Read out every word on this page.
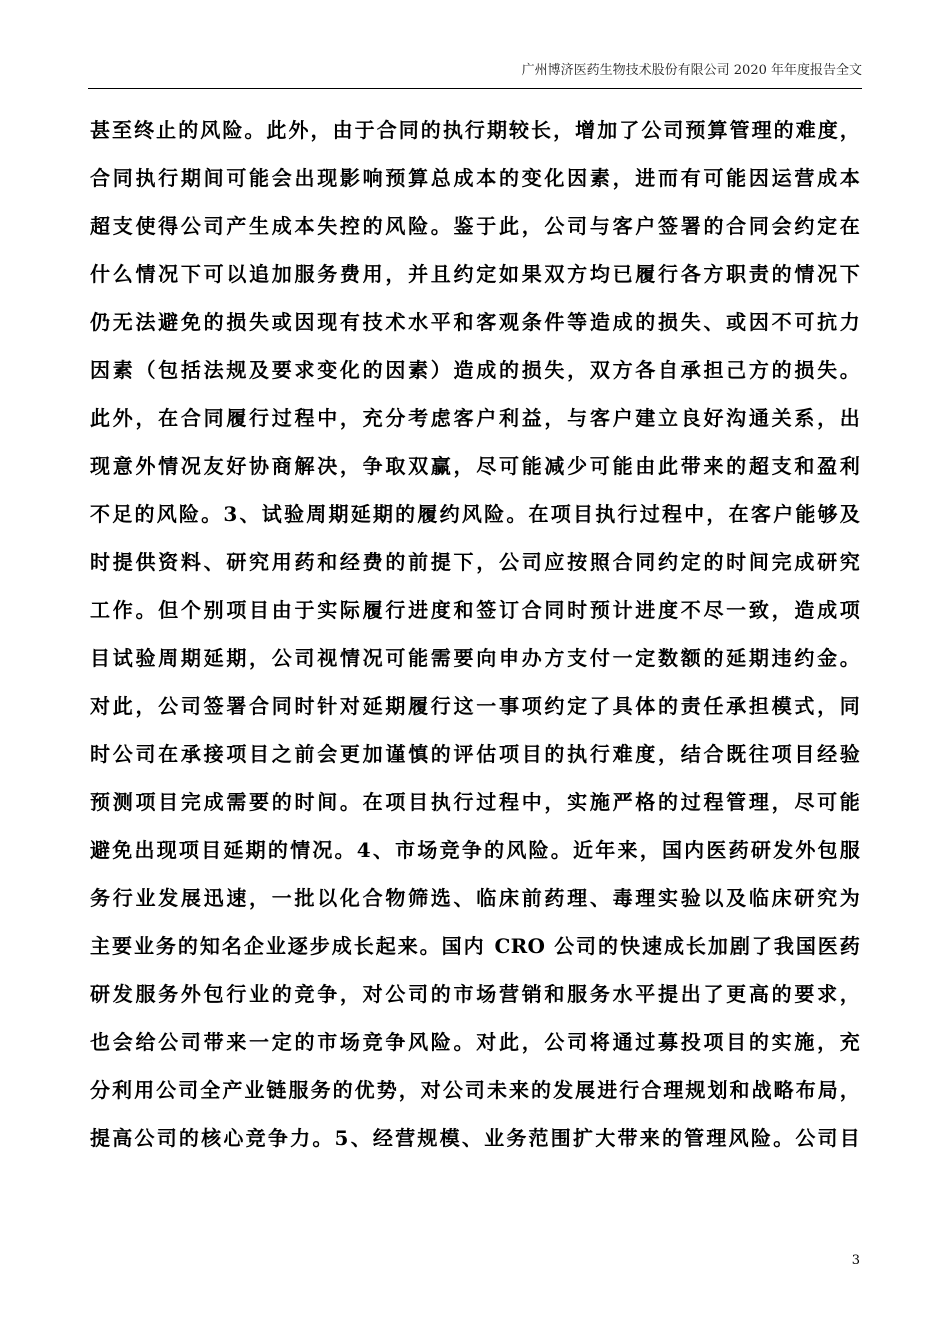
广州博济医药生物技术股份有限公司 2020 年年度报告全文
甚至终止的风险。此外，由于合同的执行期较长，增加了公司预算管理的难度，
合同执行期间可能会出现影响预算总成本的变化因素，进而有可能因运营成本
超支使得公司产生成本失控的风险。鉴于此，公司与客户签署的合同会约定在
什么情况下可以追加服务费用，并且约定如果双方均已履行各方职责的情况下
仍无法避免的损失或因现有技术水平和客观条件等造成的损失、或因不可抗力
因素（包括法规及要求变化的因素）造成的损失，双方各自承担己方的损失。
此外，在合同履行过程中，充分考虑客户利益，与客户建立良好沟通关系，出
现意外情况友好协商解决，争取双赢，尽可能减少可能由此带来的超支和盈利
不足的风险。3、试验周期延期的履约风险。在项目执行过程中，在客户能够及
时提供资料、研究用药和经费的前提下，公司应按照合同约定的时间完成研究
工作。但个别项目由于实际履行进度和签订合同时预计进度不尽一致，造成项
目试验周期延期，公司视情况可能需要向申办方支付一定数额的延期违约金。
对此，公司签署合同时针对延期履行这一事项约定了具体的责任承担模式，同
时公司在承接项目之前会更加谨慎的评估项目的执行难度，结合既往项目经验
预测项目完成需要的时间。在项目执行过程中，实施严格的过程管理，尽可能
避免出现项目延期的情况。4、市场竞争的风险。近年来，国内医药研发外包服
务行业发展迅速，一批以化合物筛选、临床前药理、毒理实验以及临床研究为
主要业务的知名企业逐步成长起来。国内 CRO 公司的快速成长加剧了我国医药
研发服务外包行业的竞争，对公司的市场营销和服务水平提出了更高的要求，
也会给公司带来一定的市场竞争风险。对此，公司将通过募投项目的实施，充
分利用公司全产业链服务的优势，对公司未来的发展进行合理规划和战略布局，
提高公司的核心竞争力。5、经营规模、业务范围扩大带来的管理风险。公司目
3
